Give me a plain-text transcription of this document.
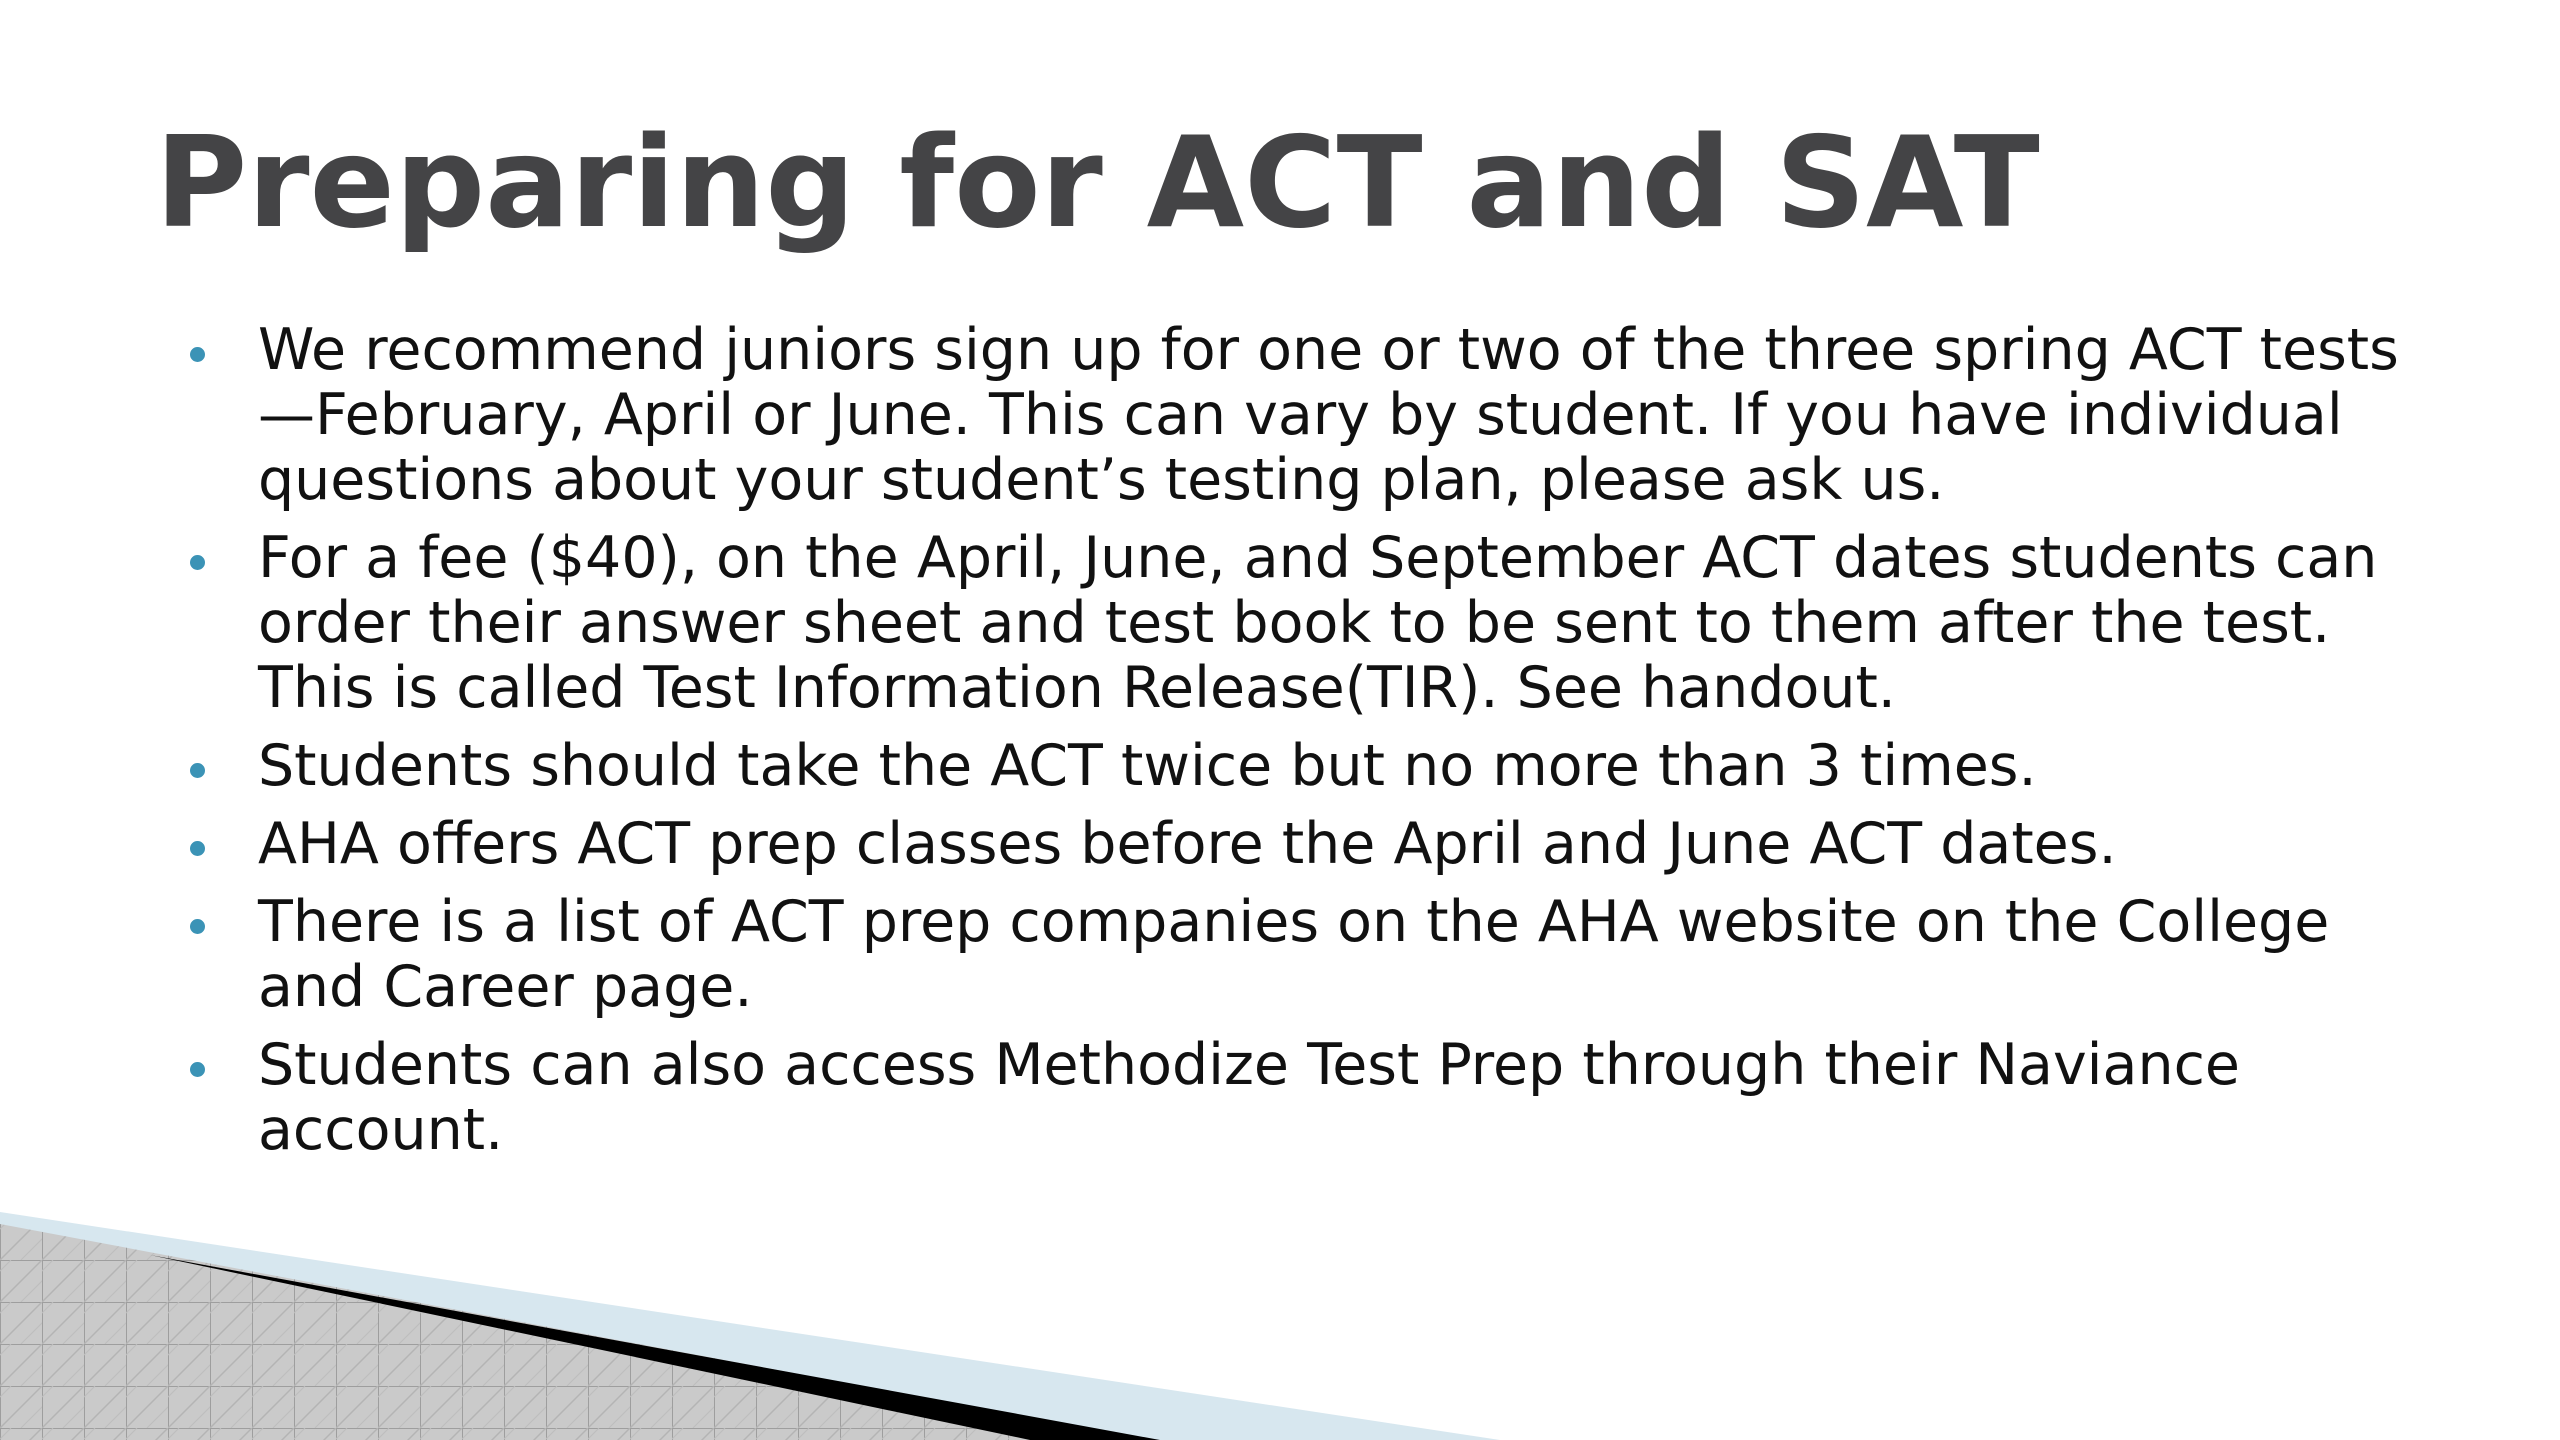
Preparing for ACT and SAT
We recommend juniors sign up for one or two of the three spring ACT tests—February, April or June. This can vary by student. If you have individual questions about your student’s testing plan, please ask us.
For a fee ($40), on the April, June, and September ACT dates students can order their answer sheet and test book to be sent to them after the test. This is called Test Information Release(TIR). See handout.
Students should take the ACT twice but no more than 3 times.
AHA offers ACT prep classes before the April and June ACT dates.
There is a list of ACT prep companies on the AHA website on the College and Career page.
Students can also access Methodize Test Prep through their Naviance account.
